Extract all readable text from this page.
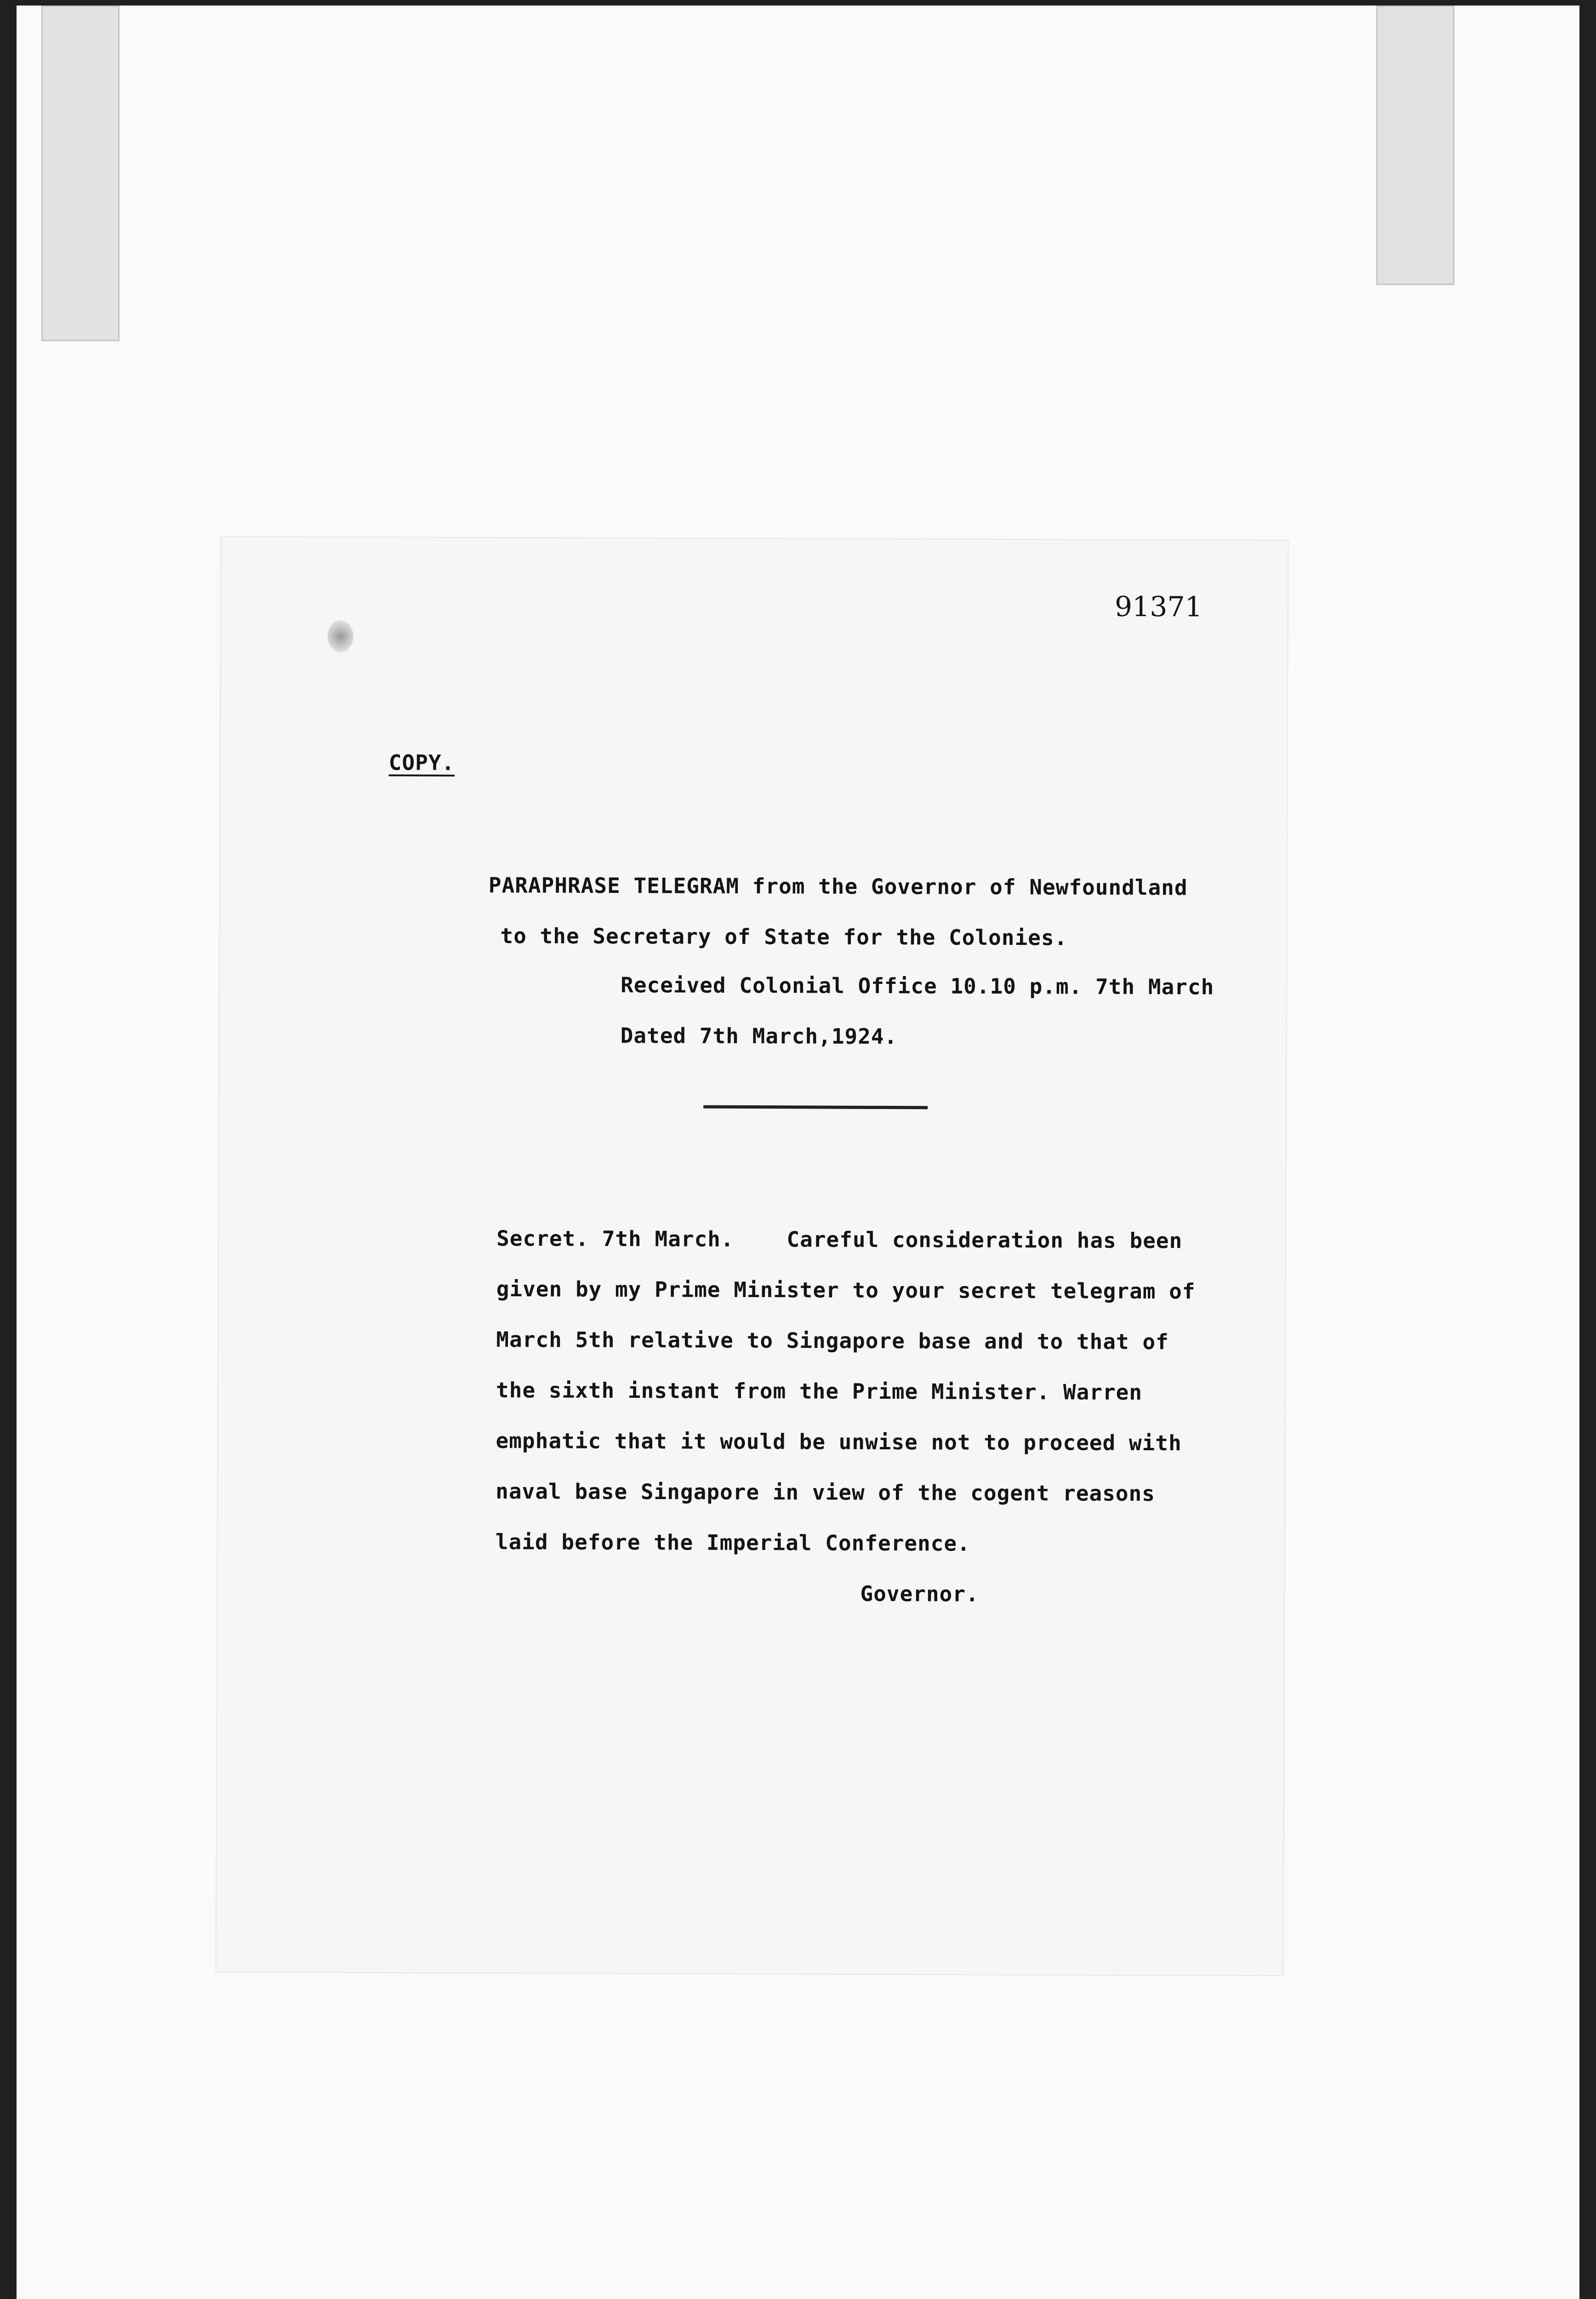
91371
COPY.
PARAPHRASE TELEGRAM from the Governor of Newfoundland
to the Secretary of State for the Colonies.
Received Colonial Office 10.10 p.m. 7th March
Dated 7th March,1924.
Secret. 7th March.    Careful consideration has been
given by my Prime Minister to your secret telegram of
March 5th relative to Singapore base and to that of
the sixth instant from the Prime Minister. Warren
emphatic that it would be unwise not to proceed with
naval base Singapore in view of the cogent reasons
laid before the Imperial Conference.
Governor.
